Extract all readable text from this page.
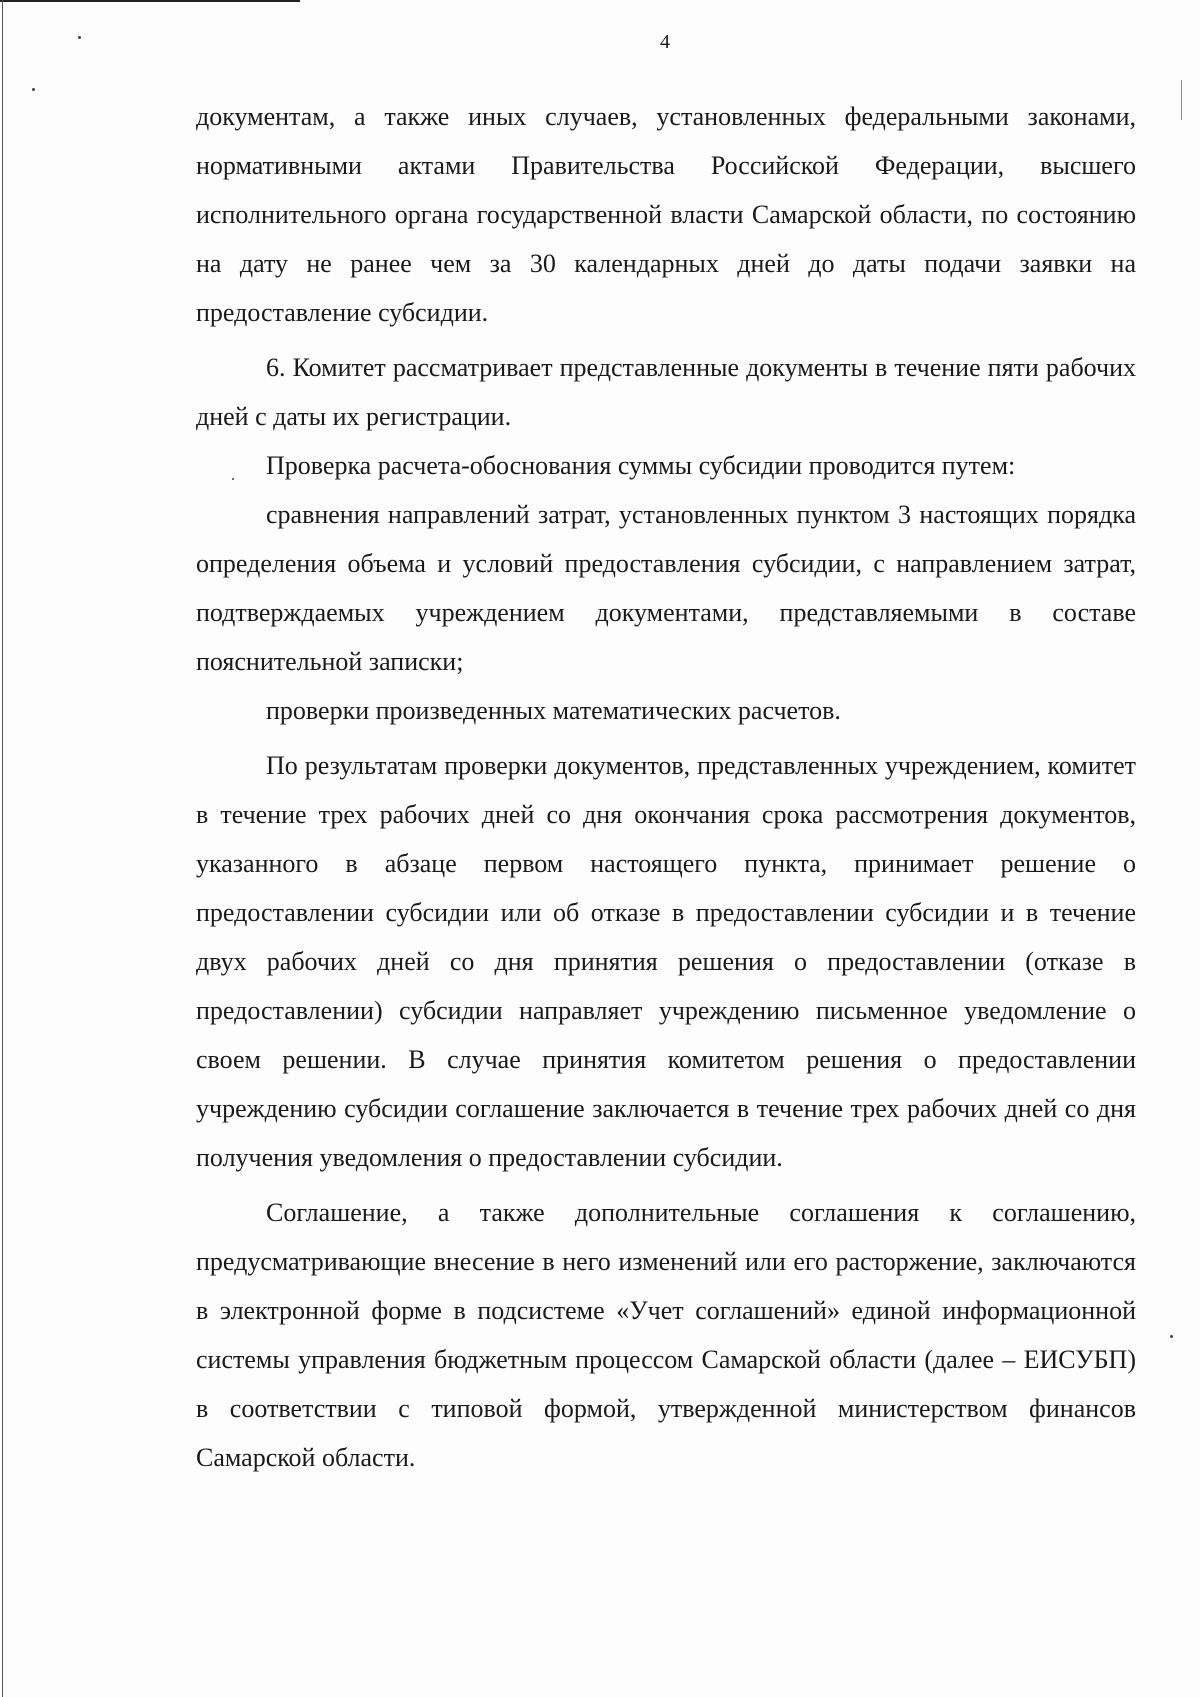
4

документам, а также иных случаев, установленных федеральными законами, нормативными актами Правительства Российской Федерации, высшего исполнительного органа государственной власти Самарской области, по состоянию на дату не ранее чем за 30 календарных дней до даты подачи заявки на предоставление субсидии.

6. Комитет рассматривает представленные документы в течение пяти рабочих дней с даты их регистрации.

Проверка расчета-обоснования суммы субсидии проводится путем:

сравнения направлений затрат, установленных пунктом 3 настоящих порядка определения объема и условий предоставления субсидии, с направлением затрат, подтверждаемых учреждением документами, представляемыми в составе пояснительной записки;

проверки произведенных математических расчетов.

По результатам проверки документов, представленных учреждением, комитет в течение трех рабочих дней со дня окончания срока рассмотрения документов, указанного в абзаце первом настоящего пункта, принимает решение о предоставлении субсидии или об отказе в предоставлении субсидии и в течение двух рабочих дней со дня принятия решения о предоставлении (отказе в предоставлении) субсидии направляет учреждению письменное уведомление о своем решении. В случае принятия комитетом решения о предоставлении учреждению субсидии соглашение заключается в течение трех рабочих дней со дня получения уведомления о предоставлении субсидии.

Соглашение, а также дополнительные соглашения к соглашению, предусматривающие внесение в него изменений или его расторжение, заключаются в электронной форме в подсистеме «Учет соглашений» единой информационной системы управления бюджетным процессом Самарской области (далее – ЕИСУБП) в соответствии с типовой формой, утвержденной министерством финансов Самарской области.
